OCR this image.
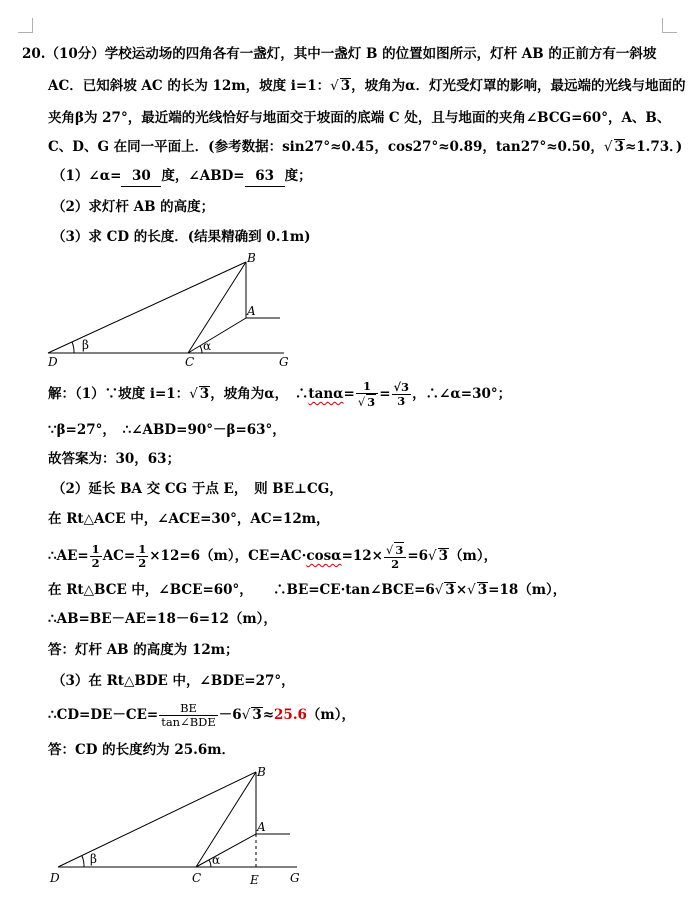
20.（10分）学校运动场的四角各有一盏灯，其中一盏灯 B 的位置如图所示，灯杆 AB 的正前方有一斜坡
AC．已知斜坡 AC 的长为 12m，坡度 i=1：√ 3，坡角为α．灯光受灯罩的影响，最远端的光线与地面的
夹角β为 27°，最近端的光线恰好与地面交于坡面的底端 C 处，且与地面的夹角∠BCG=60°，A、B、
C、D、G 在同一平面上．(参考数据：sin27°≈0.45，cos27°≈0.89，tan27°≈0.50，√ 3≈1.73．)
（1）∠α= 30 度，∠ABD= 63 度；
（2）求灯杆 AB 的高度；
（3）求 CD 的长度．(结果精确到 0.1m)
B
A
D	C	G
β	α
解：（1）∵坡度 i=1：√ 3，坡角为α，　∴tanα= $\frac{1}{√ 3} = \frac{√3}{3}$ ，∴∠α=30°；
∵β=27°，　∴∠ABD=90°－β=63°，
故答案为：30，63；
（2）延长 BA 交 CG 于点 E，　则 BE⊥CG，
在 Rt△ACE 中，∠ACE=30°，AC=12m，
∴AE= $\frac{1}{2} AC= \frac{1}{2} \times 12=6(m)$，$CE=AC\cdot\cos\alpha=12\times \frac{√ 3}{2} =6√$ 3（m），
在 Rt△BCE 中，∠BCE=60°，　　∴BE=CE·tan∠BCE=6√ 3×√ 3=18（m），
∴AB=BE－AE=18－6=12（m），
答：灯杆 AB 的高度为 12m；
（3）在 Rt△BDE 中，∠BDE=27°，
∴CD=DE－CE= $\frac{BE}{\text{tan∠BDE}} -6√$ 3≈25.6（m），
答：CD 的长度约为 25.6m．
B
A
D	C	E	G
β	α
